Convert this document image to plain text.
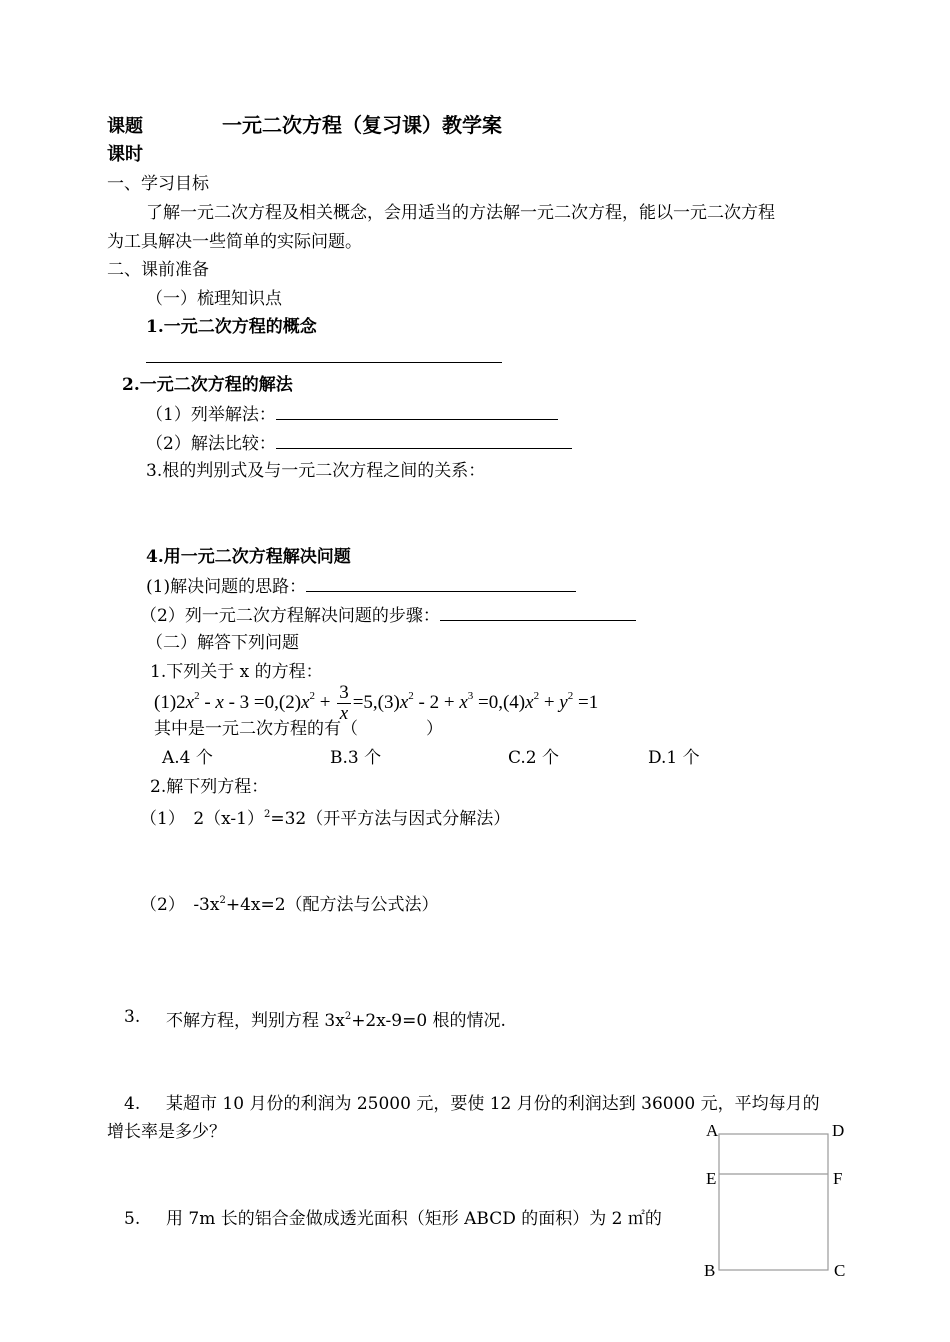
课题	一元二次方程（复习课）教学案
课时
一、学习目标
了解一元二次方程及相关概念，会用适当的方法解一元二次方程，能以一元二次方程
为工具解决一些简单的实际问题。
二、课前准备
（一）梳理知识点
1.一元二次方程的概念
2.一元二次方程的解法
（1）列举解法：
（2）解法比较：
3.根的判别式及与一元二次方程之间的关系：
4.用一元二次方程解决问题
(1)解决问题的思路：
（2）列一元二次方程解决问题的步骤：
（二）解答下列问题
1.下列关于 x 的方程：
$(1)2x^2 - x - 3 =0,(2)x^2 + \frac{3}{x} =5,(3)x^2 - 2 + x^3 =0,(4)x^2 + y^2 =1$
其中是一元二次方程的有（　　　　）
A.4 个	B.3 个	C.2 个	D.1 个
2.解下列方程：
（1）　$2(x-1)^2=32$（开平方法与因式分解法）
（2）　$-3x^2+4x=2$（配方法与公式法）
3. 不解方程，判别方程 $3x^2+2x-9=0$ 根的情况.
4. 某超市 10 月份的利润为 25000 元，要使 12 月份的利润达到 36000 元，平均每月的
增长率是多少？
5. 用 7m 长的铝合金做成透光面积（矩形 ABCD 的面积）为 2 ㎡的
A	D
E	F
B	C
